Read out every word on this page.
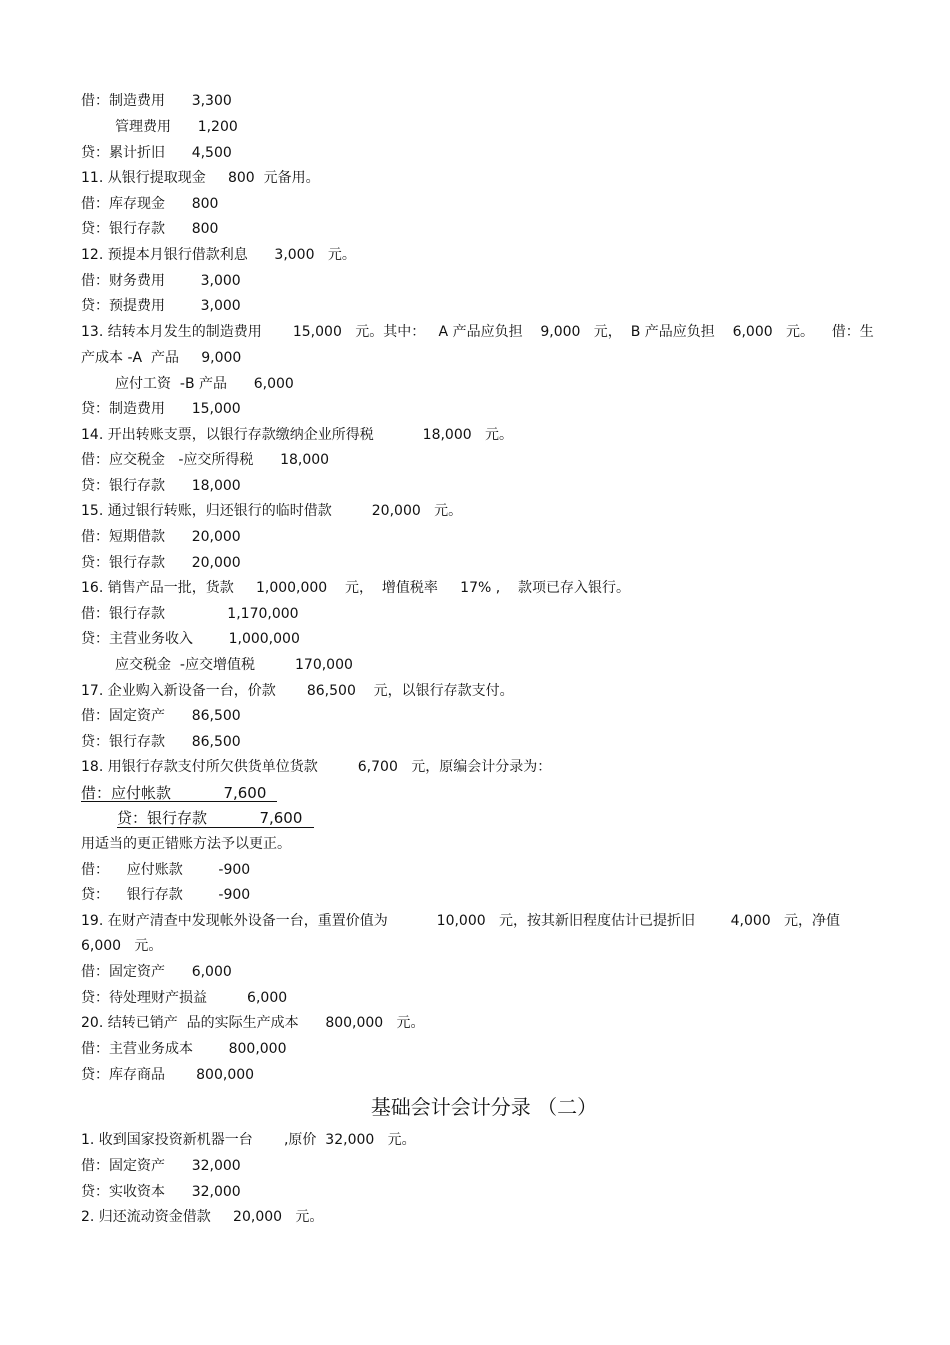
借：制造费用      3,300
管理费用      1,200
贷：累计折旧      4,500
11. 从银行提取现金     800  元备用。
借：库存现金      800
贷：银行存款      800
12. 预提本月银行借款利息      3,000   元。
借：财务费用        3,000
贷：预提费用        3,000
13. 结转本月发生的制造费用       15,000   元。其中：   A 产品应负担    9,000   元，  B 产品应负担    6,000   元。    借：生
产成本 -A  产品     9,000
应付工资  -B 产品      6,000
贷：制造费用      15,000
14. 开出转账支票，以银行存款缴纳企业所得税           18,000   元。
借：应交税金   -应交所得税      18,000
贷：银行存款      18,000
15. 通过银行转账，归还银行的临时借款         20,000   元。
借：短期借款      20,000
贷：银行存款      20,000
16. 销售产品一批，货款     1,000,000    元，  增值税率     17% ,    款项已存入银行。
借：银行存款              1,170,000
贷：主营业务收入        1,000,000
应交税金  -应交增值税         170,000
17. 企业购入新设备一台，价款       86,500    元，以银行存款支付。
借：固定资产      86,500
贷：银行存款      86,500
18. 用银行存款支付所欠供货单位货款         6,700   元，原编会计分录为：
借：应付帐款           7,600
贷：银行存款           7,600
用适当的更正错账方法予以更正。
借：    应付账款        -900
贷：    银行存款        -900
19. 在财产清查中发现帐外设备一台，重置价值为           10,000   元，按其新旧程度估计已提折旧        4,000   元，净值
6,000   元。
借：固定资产      6,000
贷：待处理财产损益         6,000
20. 结转已销产  品的实际生产成本      800,000   元。
借：主营业务成本        800,000
贷：库存商品       800,000
基础会计会计分录 （二）
1. 收到国家投资新机器一台       ,原价  32,000   元。
借：固定资产      32,000
贷：实收资本      32,000
2. 归还流动资金借款     20,000   元。
